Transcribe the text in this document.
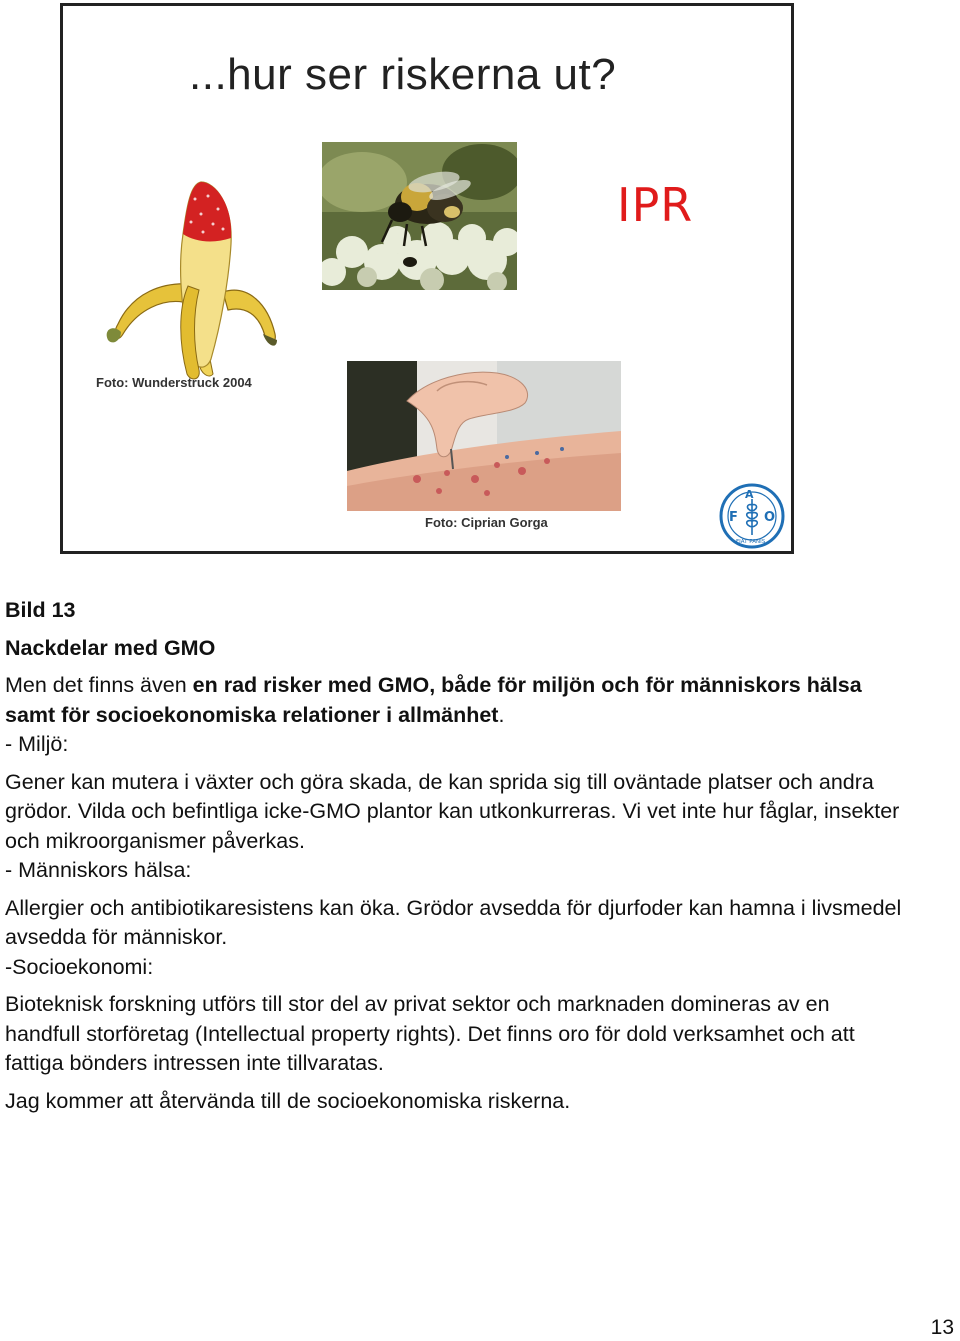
...hur ser riskerna ut?
IPR
Foto: Wunderstruck 2004
Foto: Ciprian Gorga	F
A
O
FIAT PANIS

Bild 13

Nackdelar med GMO

Men det finns även en rad risker med GMO, både för miljön och för människors hälsa samt för socioekonomiska relationer i allmänhet.

- Miljö:

Gener kan mutera i växter och göra skada, de kan sprida sig till oväntade platser och andra grödor. Vilda och befintliga icke-GMO plantor kan utkonkurreras. Vi vet inte hur fåglar, insekter och mikroorganismer påverkas.

- Människors hälsa:

Allergier och antibiotikaresistens kan öka. Grödor avsedda för djurfoder kan hamna i livsmedel avsedda för människor.

-Socioekonomi:

Bioteknisk forskning utförs till stor del av privat sektor och marknaden domineras av en handfull storföretag (Intellectual property rights). Det finns oro för dold verksamhet och att fattiga bönders intressen inte tillvaratas.

Jag kommer att återvända till de socioekonomiska riskerna.

13
